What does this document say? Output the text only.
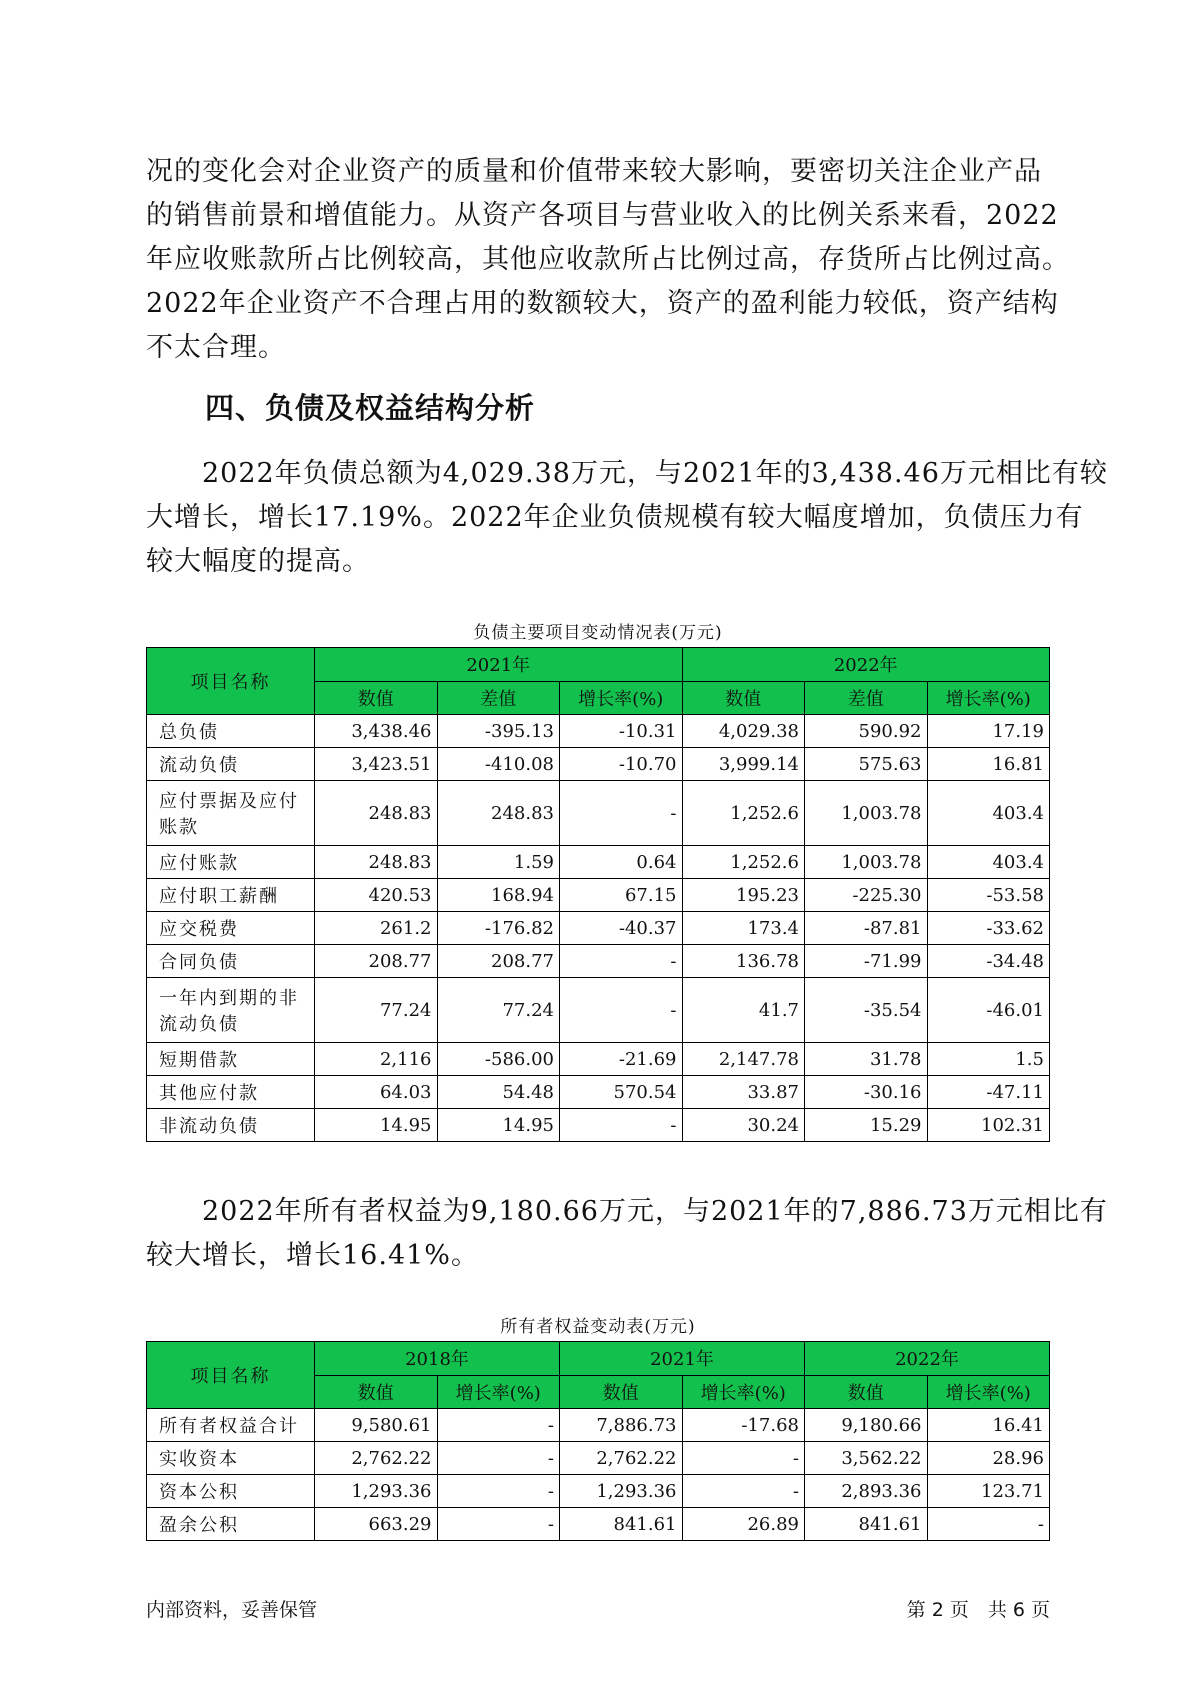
况的变化会对企业资产的质量和价值带来较大影响，要密切关注企业产品
的销售前景和增值能力。从资产各项目与营业收入的比例关系来看，2022
年应收账款所占比例较高，其他应收款所占比例过高，存货所占比例过高。
2022年企业资产不合理占用的数额较大，资产的盈利能力较低，资产结构
不太合理。
四、负债及权益结构分析
　　2022年负债总额为4,029.38万元，与2021年的3,438.46万元相比有较
大增长，增长17.19%。2022年企业负债规模有较大幅度增加，负债压力有
较大幅度的提高。
负债主要项目变动情况表(万元)
项目名称	2021年			2022年		
	数值	差值	增长率(%)	数值	差值	增长率(%)
总负债	3,438.46	-395.13	-10.31	4,029.38	590.92	17.19
流动负债	3,423.51	-410.08	-10.70	3,999.14	575.63	16.81
应付票据及应付账款	248.83	248.83	-	1,252.6	1,003.78	403.4
应付账款	248.83	1.59	0.64	1,252.6	1,003.78	403.4
应付职工薪酬	420.53	168.94	67.15	195.23	-225.30	-53.58
应交税费	261.2	-176.82	-40.37	173.4	-87.81	-33.62
合同负债	208.77	208.77	-	136.78	-71.99	-34.48
一年内到期的非流动负债	77.24	77.24	-	41.7	-35.54	-46.01
短期借款	2,116	-586.00	-21.69	2,147.78	31.78	1.5
其他应付款	64.03	54.48	570.54	33.87	-30.16	-47.11
非流动负债	14.95	14.95	-	30.24	15.29	102.31
　　2022年所有者权益为9,180.66万元，与2021年的7,886.73万元相比有
较大增长，增长16.41%。
所有者权益变动表(万元)
项目名称	2018年		2021年		2022年	
	数值	增长率(%)	数值	增长率(%)	数值	增长率(%)
所有者权益合计	9,580.61	-	7,886.73	-17.68	9,180.66	16.41
实收资本	2,762.22	-	2,762.22	-	3,562.22	28.96
资本公积	1,293.36	-	1,293.36	-	2,893.36	123.71
盈余公积	663.29	-	841.61	26.89	841.61	-
内部资料，妥善保管	第 2 页　共 6 页
